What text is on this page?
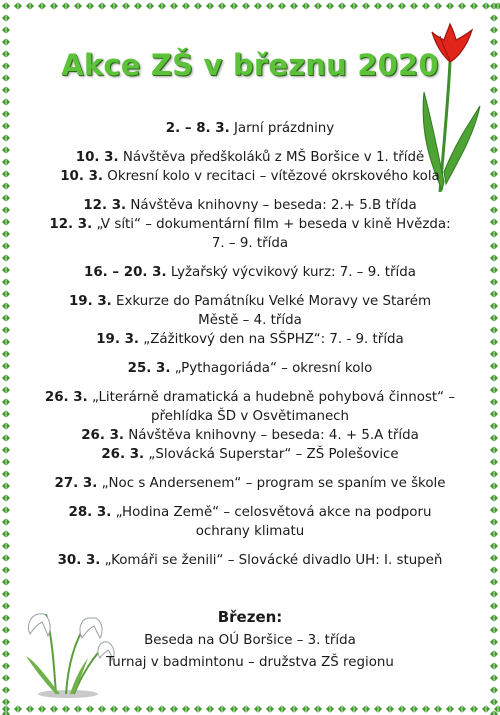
Akce ZŠ v březnu 2020
2. – 8. 3. Jarní prázdniny
10. 3. Návštěva předškoláků z MŠ Boršice v 1. třídě
10. 3. Okresní kolo v recitaci – vítězové okrskového kola
12. 3. Návštěva knihovny – beseda: 2.+ 5.B třída
12. 3. „V síti“ – dokumentární film + beseda v kině Hvězda:
7. – 9. třída
16. – 20. 3. Lyžařský výcvikový kurz: 7. – 9. třída
19. 3. Exkurze do Památníku Velké Moravy ve Starém
Městě – 4. třída
19. 3. „Zážitkový den na SŠPHZ“: 7. - 9. třída
25. 3. „Pythagoriáda“ – okresní kolo
26. 3. „Literárně dramatická a hudebně pohybová činnost“ –
přehlídka ŠD v Osvětimanech
26. 3. Návštěva knihovny – beseda: 4. + 5.A třída
26. 3. „Slovácká Superstar“ – ZŠ Polešovice
27. 3. „Noc s Andersenem“ – program se spaním ve škole
28. 3. „Hodina Země“ – celosvětová akce na podporu
ochrany klimatu
30. 3. „Komáři se ženili“ – Slovácké divadlo UH: I. stupeň
Březen:
Beseda na OÚ Boršice – 3. třída
Turnaj v badmintonu – družstva ZŠ regionu
